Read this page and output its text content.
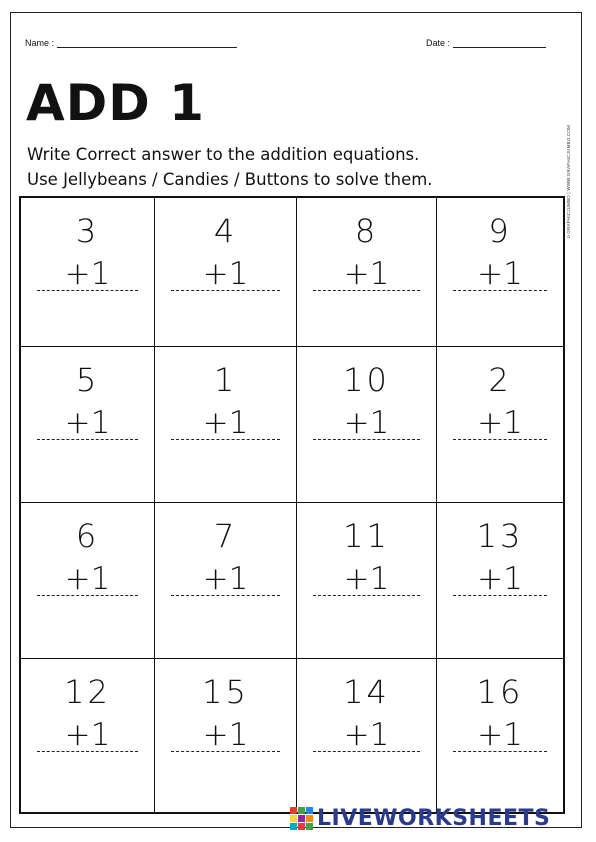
Name :	Date :
ADD 1
Write Correct answer to the addition equations.
Use Jellybeans / Candies / Buttons to solve them.	©GRAPHICJUMBO | WWW.GRAPHICJUMBO.COM
3
+1
4
+1
8
+1
9
+1
5
+1
1
+1
10
+1
2
+1
6
+1
7
+1
11
+1
13
+1
12
+1
15
+1
14
+1
16
+1
LIVEWORKSHEETS
